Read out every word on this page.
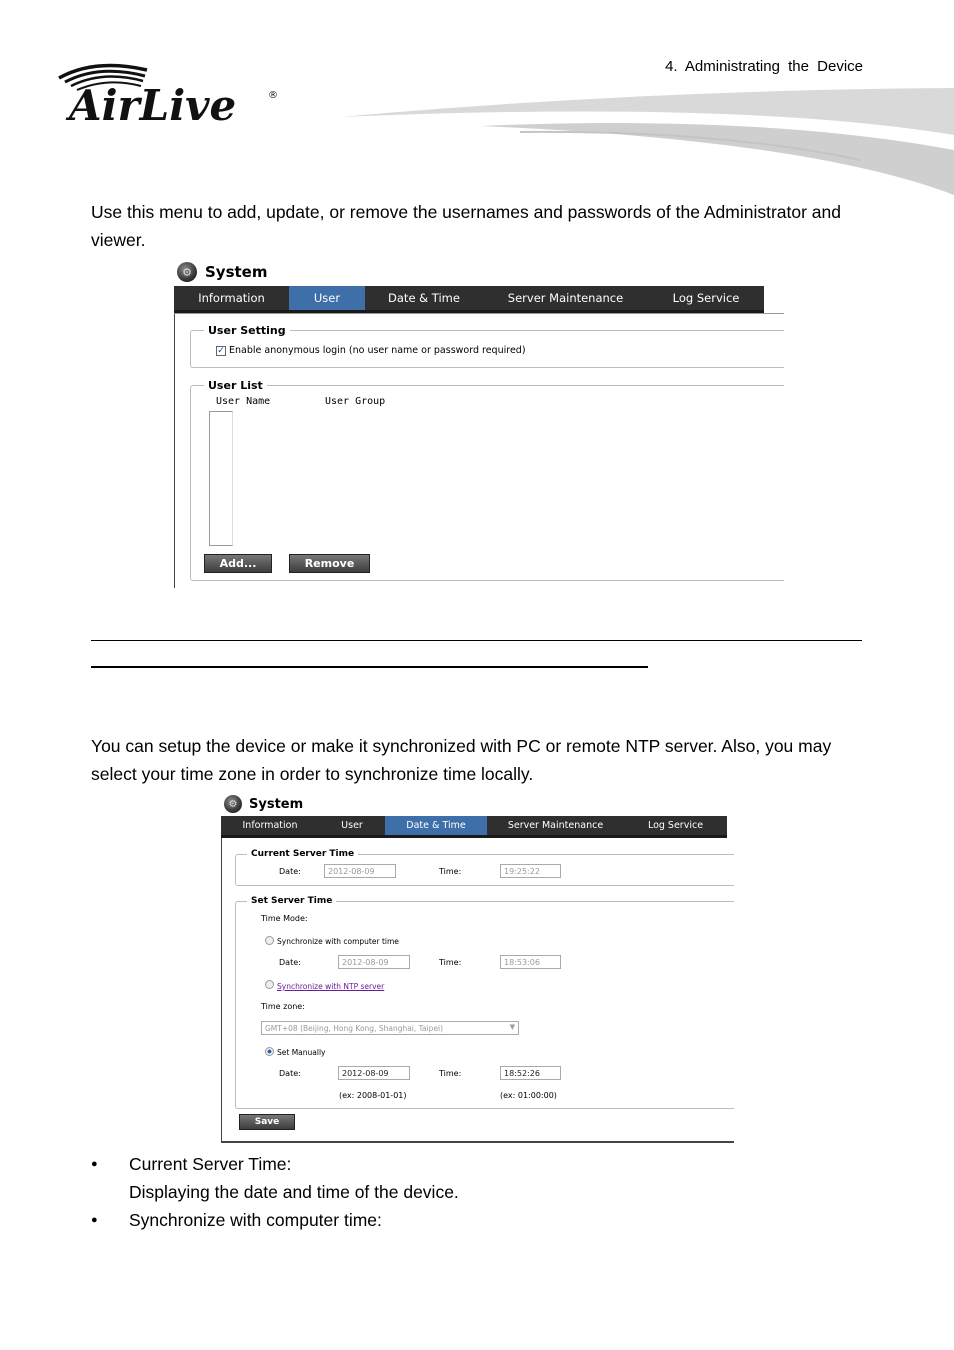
4. Administrating the Device
AirLive	®
Use this menu to add, update, or remove the usernames and passwords of the Administrator and viewer.
⚙ System
Information	User	Date & Time	Server Maintenance	Log Service
User Setting
✓ Enable anonymous login (no user name or password required)
User List
User Name	User Group
Add...	Remove
You can setup the device or make it synchronized with PC or remote NTP server. Also, you may select your time zone in order to synchronize time locally.
⚙ System
Information	User	Date & Time	Server Maintenance	Log Service
Current Server Time
Date:	2012-08-09	Time:	19:25:22
Set Server Time
Time Mode:
Synchronize with computer time
Date:	2012-08-09	Time:	18:53:06
Synchronize with NTP server
Time zone:
GMT+08 (Beijing, Hong Kong, Shanghai, Taipei)	▼
Set Manually
Date:	2012-08-09	Time:	18:52:26
(ex: 2008-01-01)	(ex: 01:00:00)
Save
● Current Server Time:
Displaying the date and time of the device.
● Synchronize with computer time:
